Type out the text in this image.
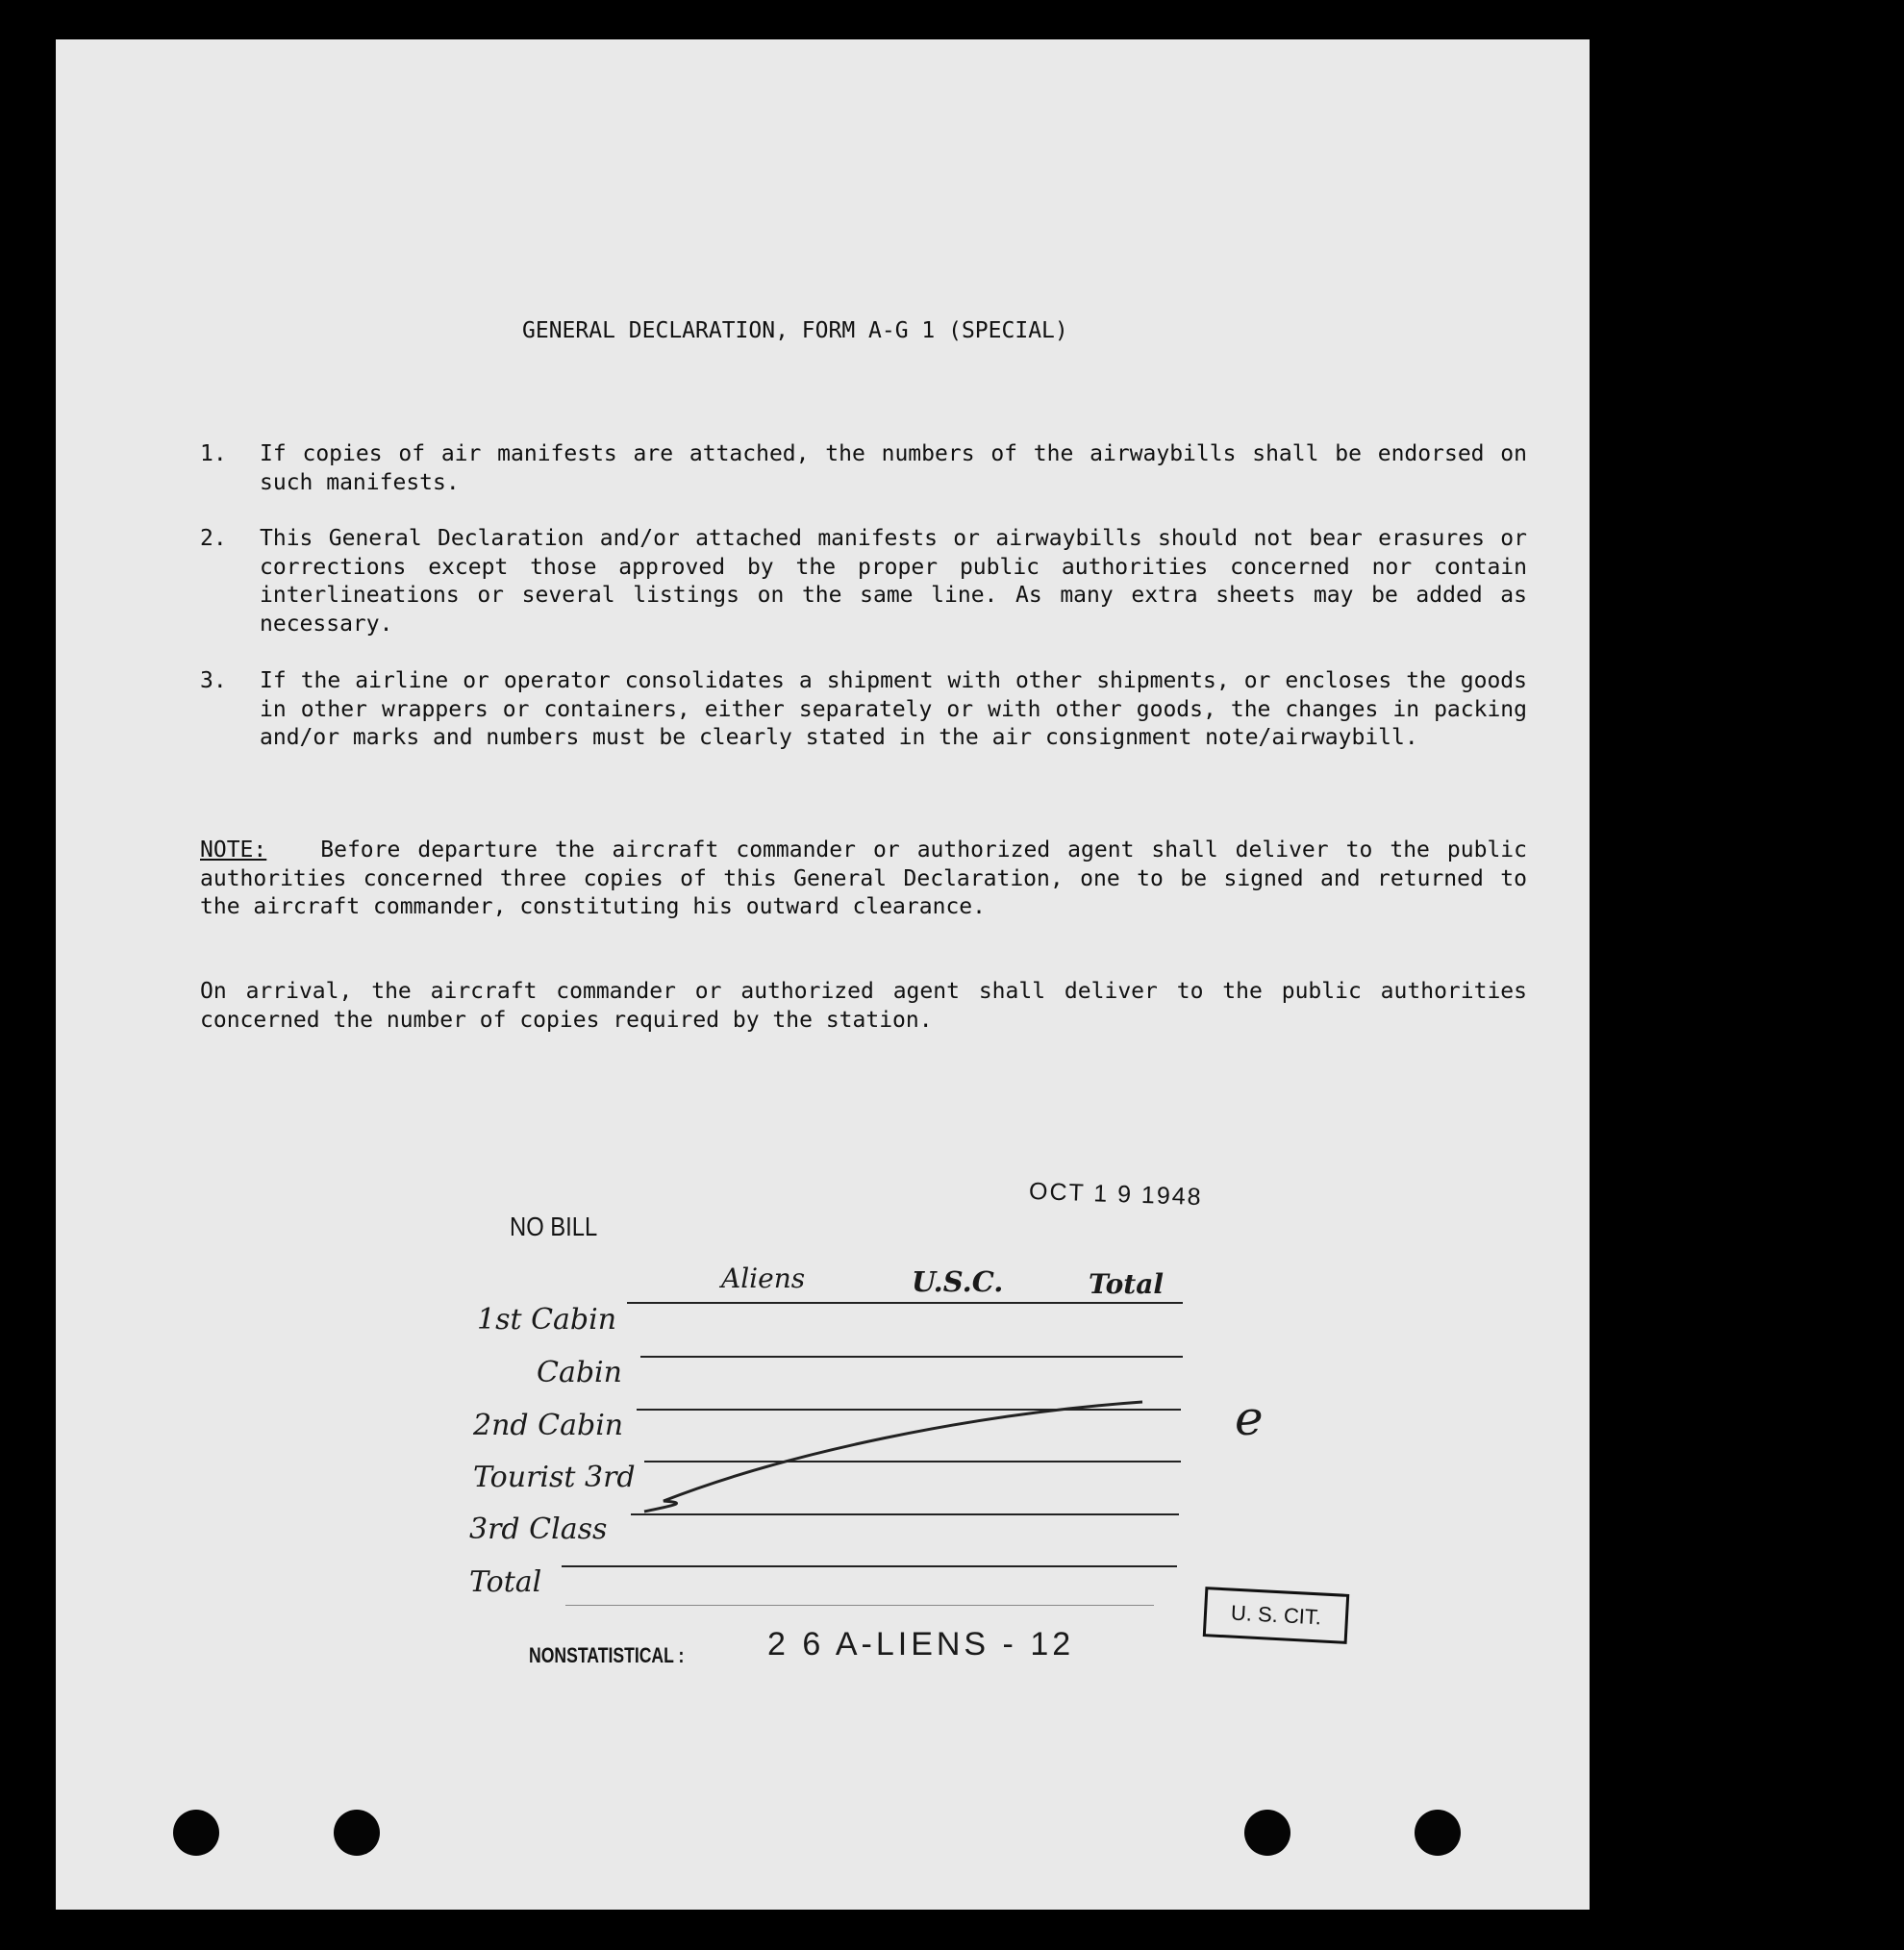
GENERAL DECLARATION, FORM A-G 1 (SPECIAL)
1. If copies of air manifests are attached, the numbers of the airwaybills shall be endorsed on such manifests.
2. This General Declaration and/or attached manifests or airwaybills should not bear erasures or corrections except those approved by the proper public authorities concerned nor contain interlineations or several listings on the same line. As many extra sheets may be added as necessary.
3. If the airline or operator consolidates a shipment with other shipments, or encloses the goods in other wrappers or containers, either separately or with other goods, the changes in packing and/or marks and numbers must be clearly stated in the air consignment note/airwaybill.
NOTE: Before departure the aircraft commander or authorized agent shall deliver to the public authorities concerned three copies of this General Declaration, one to be signed and returned to the aircraft commander, constituting his outward clearance.
On arrival, the aircraft commander or authorized agent shall deliver to the public authorities concerned the number of copies required by the station.
NO BILL
OCT 1 9 1948
Aliens	U.S.C.	Total
1st Cabin
Cabin
2nd Cabin
Tourist 3rd
3rd Class
Total
NONSTATISTICAL :	2 6 A-LIENS - 12
e
U. S. CIT.
